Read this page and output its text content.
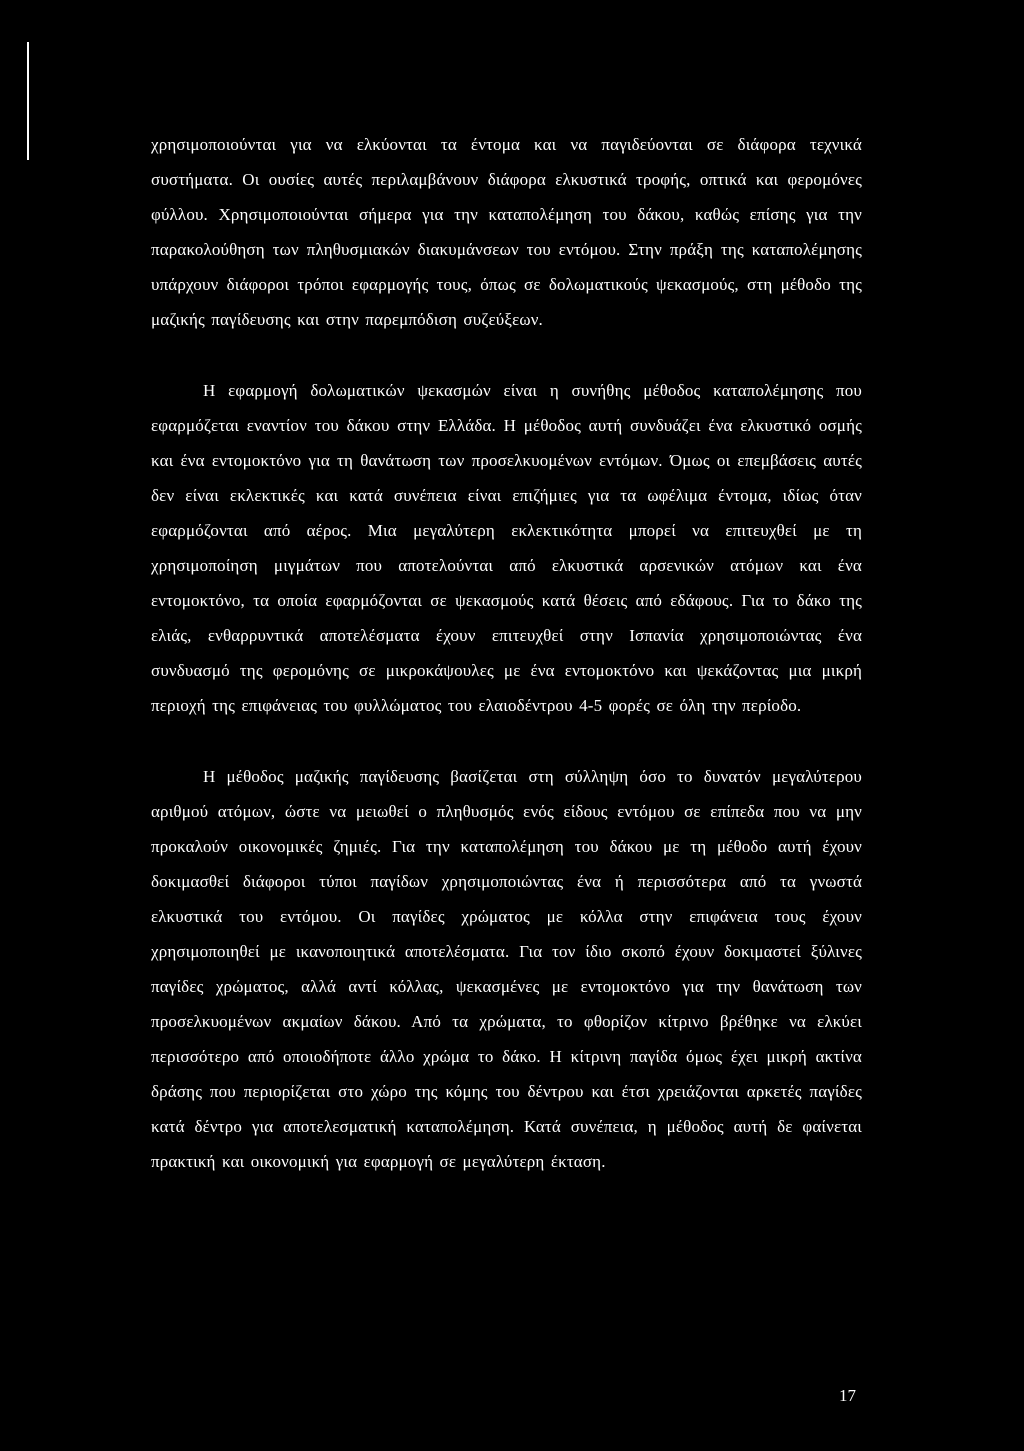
χρησιμοποιούνται για να ελκύονται τα έντομα και να παγιδεύονται σε διάφορα τεχνικά συστήματα. Οι ουσίες αυτές περιλαμβάνουν διάφορα ελκυστικά τροφής, οπτικά και φερομόνες φύλλου. Χρησιμοποιούνται σήμερα για την καταπολέμηση του δάκου, καθώς επίσης για την παρακολούθηση των πληθυσμιακών διακυμάνσεων του εντόμου. Στην πράξη της καταπολέμησης υπάρχουν διάφοροι τρόποι εφαρμογής τους, όπως σε δολωματικούς ψεκασμούς, στη μέθοδο της μαζικής παγίδευσης και στην παρεμπόδιση συζεύξεων.

Η εφαρμογή δολωματικών ψεκασμών είναι η συνήθης μέθοδος καταπολέμησης που εφαρμόζεται εναντίον του δάκου στην Ελλάδα. Η μέθοδος αυτή συνδυάζει ένα ελκυστικό οσμής και ένα εντομοκτόνο για τη θανάτωση των προσελκυομένων εντόμων. Όμως οι επεμβάσεις αυτές δεν είναι εκλεκτικές και κατά συνέπεια είναι επιζήμιες για τα ωφέλιμα έντομα, ιδίως όταν εφαρμόζονται από αέρος. Μια μεγαλύτερη εκλεκτικότητα μπορεί να επιτευχθεί με τη χρησιμοποίηση μιγμάτων που αποτελούνται από ελκυστικά αρσενικών ατόμων και ένα εντομοκτόνο, τα οποία εφαρμόζονται σε ψεκασμούς κατά θέσεις από εδάφους. Για το δάκο της ελιάς, ενθαρρυντικά αποτελέσματα έχουν επιτευχθεί στην Ισπανία χρησιμοποιώντας ένα συνδυασμό της φερομόνης σε μικροκάψουλες με ένα εντομοκτόνο και ψεκάζοντας μια μικρή περιοχή της επιφάνειας του φυλλώματος του ελαιοδέντρου 4-5 φορές σε όλη την περίοδο.

Η μέθοδος μαζικής παγίδευσης βασίζεται στη σύλληψη όσο το δυνατόν μεγαλύτερου αριθμού ατόμων, ώστε να μειωθεί ο πληθυσμός ενός είδους εντόμου σε επίπεδα που να μην προκαλούν οικονομικές ζημιές. Για την καταπολέμηση του δάκου με τη μέθοδο αυτή έχουν δοκιμασθεί διάφοροι τύποι παγίδων χρησιμοποιώντας ένα ή περισσότερα από τα γνωστά ελκυστικά του εντόμου. Οι παγίδες χρώματος με κόλλα στην επιφάνεια τους έχουν χρησιμοποιηθεί με ικανοποιητικά αποτελέσματα. Για τον ίδιο σκοπό έχουν δοκιμαστεί ξύλινες παγίδες χρώματος, αλλά αντί κόλλας, ψεκασμένες με εντομοκτόνο για την θανάτωση των προσελκυομένων ακμαίων δάκου. Από τα χρώματα, το φθορίζον κίτρινο βρέθηκε να ελκύει περισσότερο από οποιοδήποτε άλλο χρώμα το δάκο. Η κίτρινη παγίδα όμως έχει μικρή ακτίνα δράσης που περιορίζεται στο χώρο της κόμης του δέντρου και έτσι χρειάζονται αρκετές παγίδες κατά δέντρο για αποτελεσματική καταπολέμηση. Κατά συνέπεια, η μέθοδος αυτή δε φαίνεται πρακτική και οικονομική για εφαρμογή σε μεγαλύτερη έκταση.

17
